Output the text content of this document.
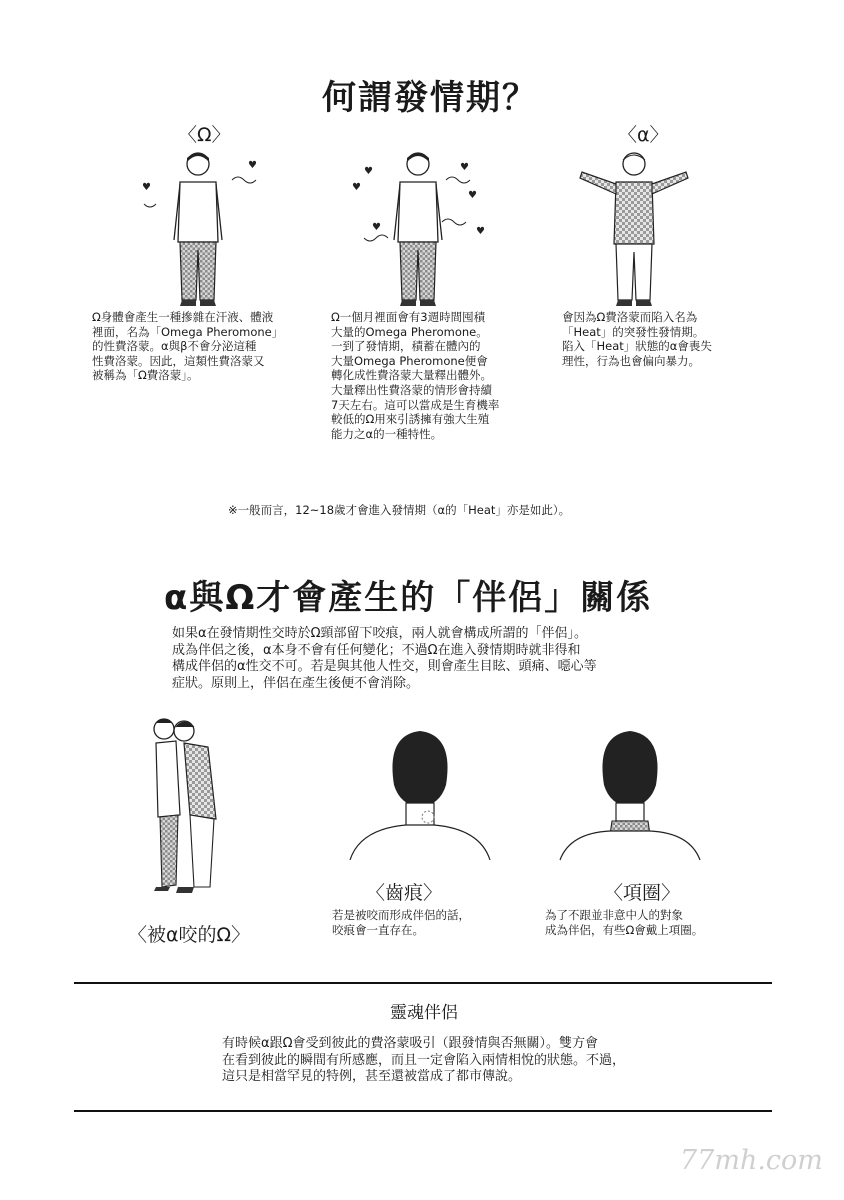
何謂發情期？
〈Ω〉	〈α〉
♥
♥
♥
♥
♥
♥
♥
♥
Ω身體會產生一種摻雜在汗液、體液
裡面，名為「Omega Pheromone」
的性費洛蒙。α與β不會分泌這種
性費洛蒙。因此，這類性費洛蒙又
被稱為「Ω費洛蒙」。
Ω一個月裡面會有3週時間囤積
大量的Omega Pheromone。
一到了發情期，積蓄在體內的
大量Omega Pheromone便會
轉化成性費洛蒙大量釋出體外。
大量釋出性費洛蒙的情形會持續
7天左右。這可以當成是生育機率
較低的Ω用來引誘擁有強大生殖
能力之α的一種特性。
會因為Ω費洛蒙而陷入名為
「Heat」的突發性發情期。
陷入「Heat」狀態的α會喪失
理性，行為也會偏向暴力。
※一般而言，12~18歲才會進入發情期（α的「Heat」亦是如此）。
α與Ω才會產生的「伴侶」關係
如果α在發情期性交時於Ω頸部留下咬痕，兩人就會構成所謂的「伴侶」。
成為伴侶之後，α本身不會有任何變化；不過Ω在進入發情期時就非得和
構成伴侶的α性交不可。若是與其他人性交，則會產生目眩、頭痛、噁心等
症狀。原則上，伴侶在產生後便不會消除。
〈被α咬的Ω〉
〈齒痕〉
若是被咬而形成伴侶的話，
咬痕會一直存在。
〈項圈〉
為了不跟並非意中人的對象
成為伴侶，有些Ω會戴上項圈。
靈魂伴侶
有時候α跟Ω會受到彼此的費洛蒙吸引（跟發情與否無關）。雙方會
在看到彼此的瞬間有所感應，而且一定會陷入兩情相悅的狀態。不過，
這只是相當罕見的特例，甚至還被當成了都市傳說。
77mh.com
